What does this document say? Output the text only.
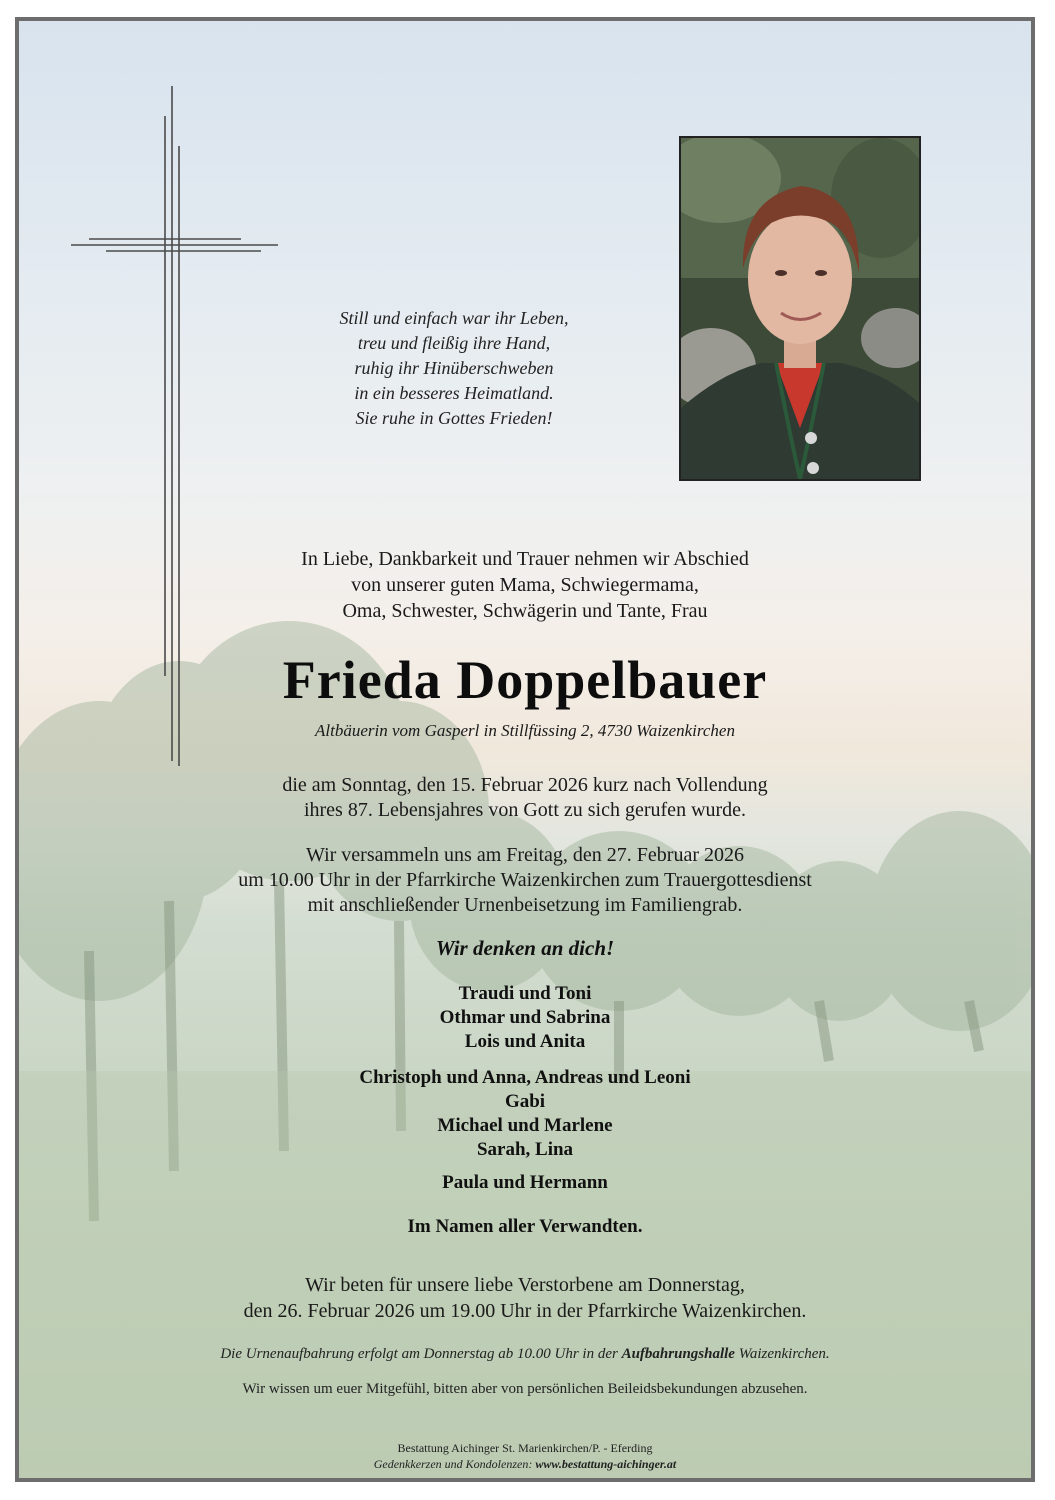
Still und einfach war ihr Leben,
treu und fleißig ihre Hand,
ruhig ihr Hinüberschweben
in ein besseres Heimatland.
Sie ruhe in Gottes Frieden!
In Liebe, Dankbarkeit und Trauer nehmen wir Abschied
von unserer guten Mama, Schwiegermama,
Oma, Schwester, Schwägerin und Tante, Frau
Frieda Doppelbauer
Altbäuerin vom Gasperl in Stillfüssing 2, 4730 Waizenkirchen
die am Sonntag, den 15. Februar 2026 kurz nach Vollendung
ihres 87. Lebensjahres von Gott zu sich gerufen wurde.
Wir versammeln uns am Freitag, den 27. Februar 2026
um 10.00 Uhr in der Pfarrkirche Waizenkirchen zum Trauergottesdienst
mit anschließender Urnenbeisetzung im Familiengrab.
Wir denken an dich!
Traudi und Toni
Othmar und Sabrina
Lois und Anita
Christoph und Anna, Andreas und Leoni
Gabi
Michael und Marlene
Sarah, Lina
Paula und Hermann
Im Namen aller Verwandten.
Wir beten für unsere liebe Verstorbene am Donnerstag,
den 26. Februar 2026 um 19.00 Uhr in der Pfarrkirche Waizenkirchen.
Die Urnenaufbahrung erfolgt am Donnerstag ab 10.00 Uhr in der Aufbahrungshalle Waizenkirchen.
Wir wissen um euer Mitgefühl, bitten aber von persönlichen Beileidsbekundungen abzusehen.
Bestattung Aichinger St. Marienkirchen/P. - Eferding
Gedenkkerzen und Kondolenzen: www.bestattung-aichinger.at
